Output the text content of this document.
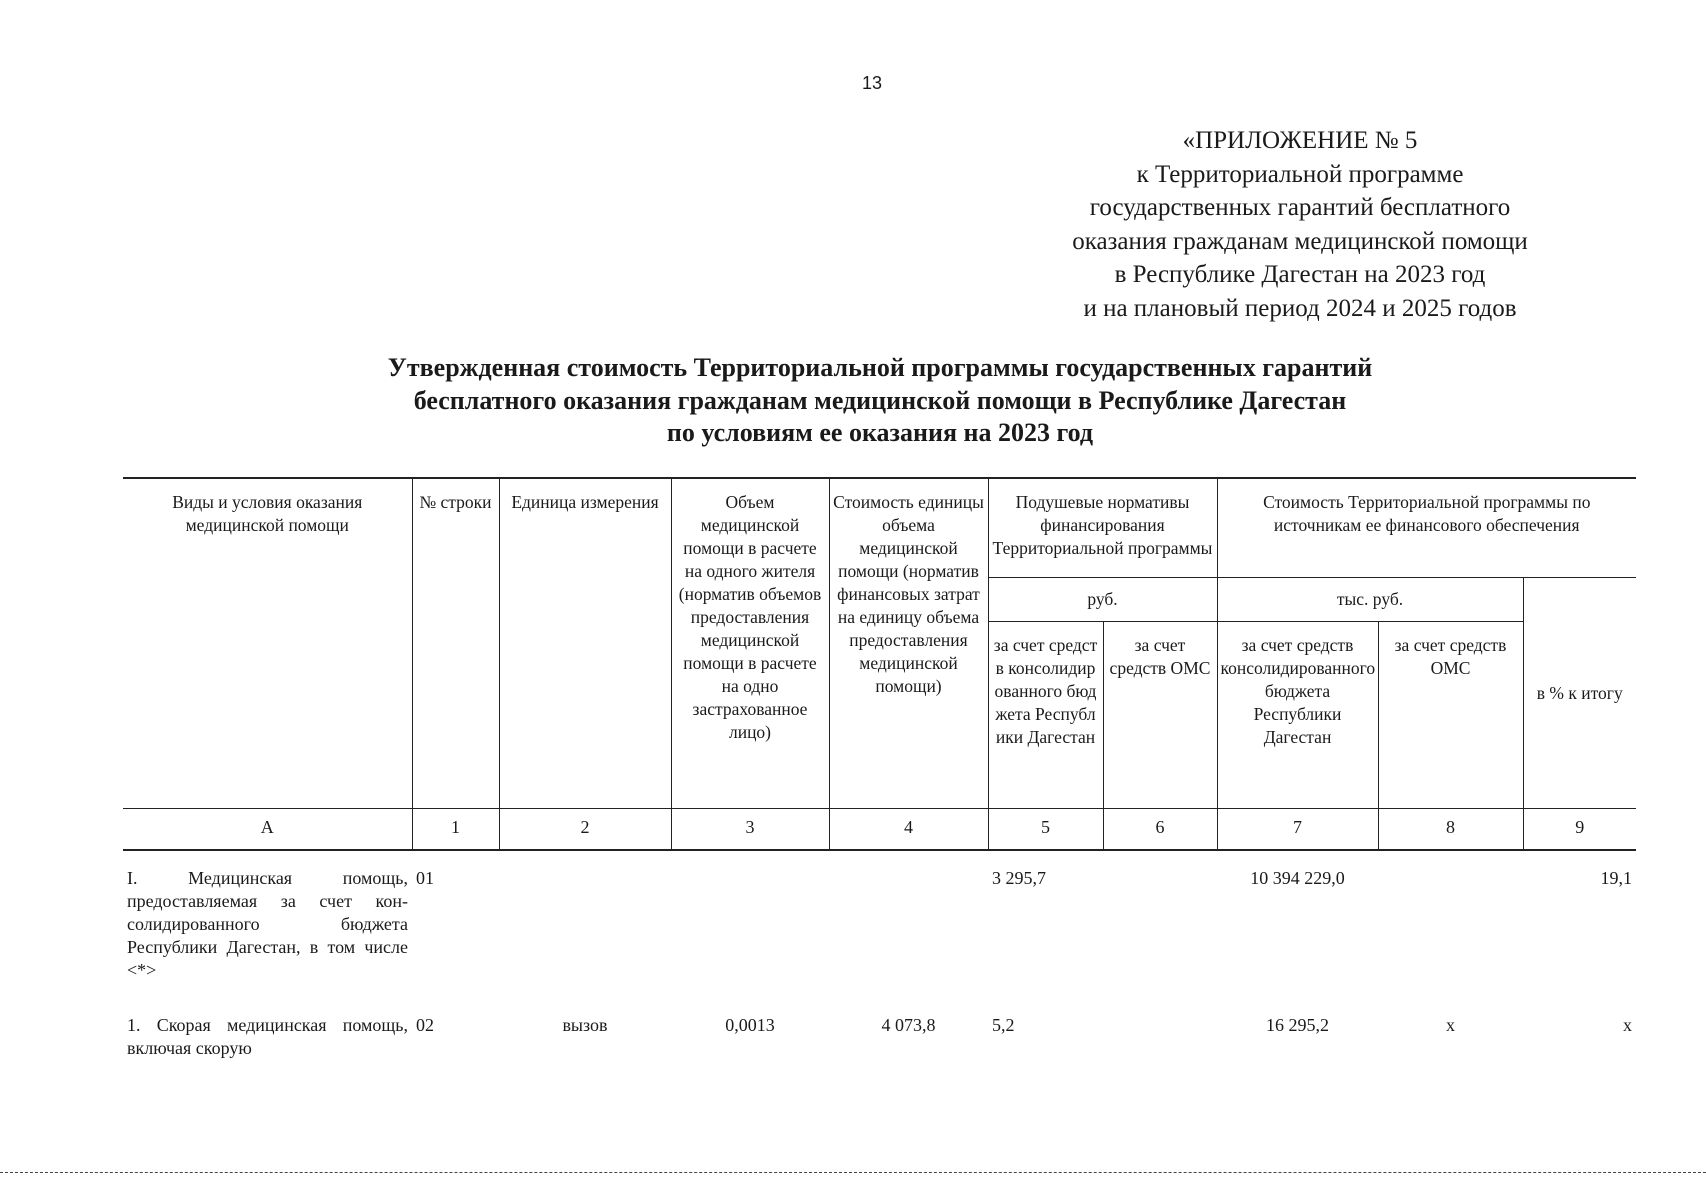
13
«ПРИЛОЖЕНИЕ № 5
к Территориальной программе
государственных гарантий бесплатного
оказания гражданам медицинской помощи
в Республике Дагестан на 2023 год
и на плановый период 2024 и 2025 годов
Утвержденная стоимость Территориальной программы государственных гарантий
бесплатного оказания гражданам медицинской помощи в Республике Дагестан
по условиям ее оказания на 2023 год
Виды и условия оказания медицинской помощи	№ строки	Единица измерения	Объем медицинской помощи в расчете на одного жителя (норматив объемов предоставления медицинской помощи в расчете на одно застрахованное лицо)	Стоимость единицы объема медицинской помощи (норматив финансовых затрат на единицу объема предоставления медицинской помощи)	Подушевые нормативы финансирования Территориальной программы		Стоимость Территориальной программы по источникам ее финансового обеспечения		
					руб.		тыс. руб.		в % к итогу
					за счет средств консолидированного бюджета Республики Дагестан	за счет средств ОМС	за счет средств консолидированного бюджета Республики Дагестан	за счет средств ОМС	
А	1	2	3	4	5	6	7	8	9
I. Медицинская помощь, предоставляемая за счет кон-солидированного бюджета Республики Дагестан, в том числе <*>	01				3 295,7		10 394 229,0		19,1
1. Скорая медицинская помощь, включая скорую	02	вызов	0,0013	4 073,8	5,2		16 295,2	х	х
